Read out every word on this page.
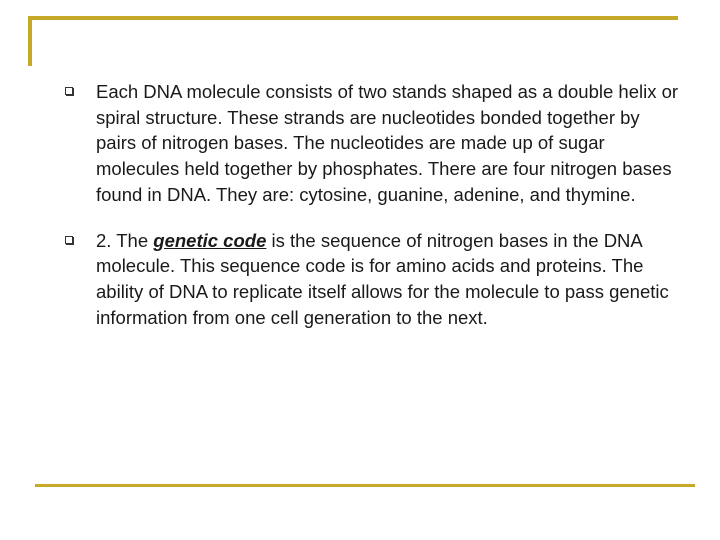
Each DNA molecule consists of two stands shaped as a double helix or spiral structure. These strands are nucleotides bonded together by pairs of nitrogen bases. The nucleotides are made up of sugar molecules held together by phosphates. There are four nitrogen bases found in DNA. They are: cytosine, guanine, adenine, and thymine.
2. The genetic code is the sequence of nitrogen bases in the DNA molecule. This sequence code is for amino acids and proteins. The ability of DNA to replicate itself allows for the molecule to pass genetic information from one cell generation to the next.
